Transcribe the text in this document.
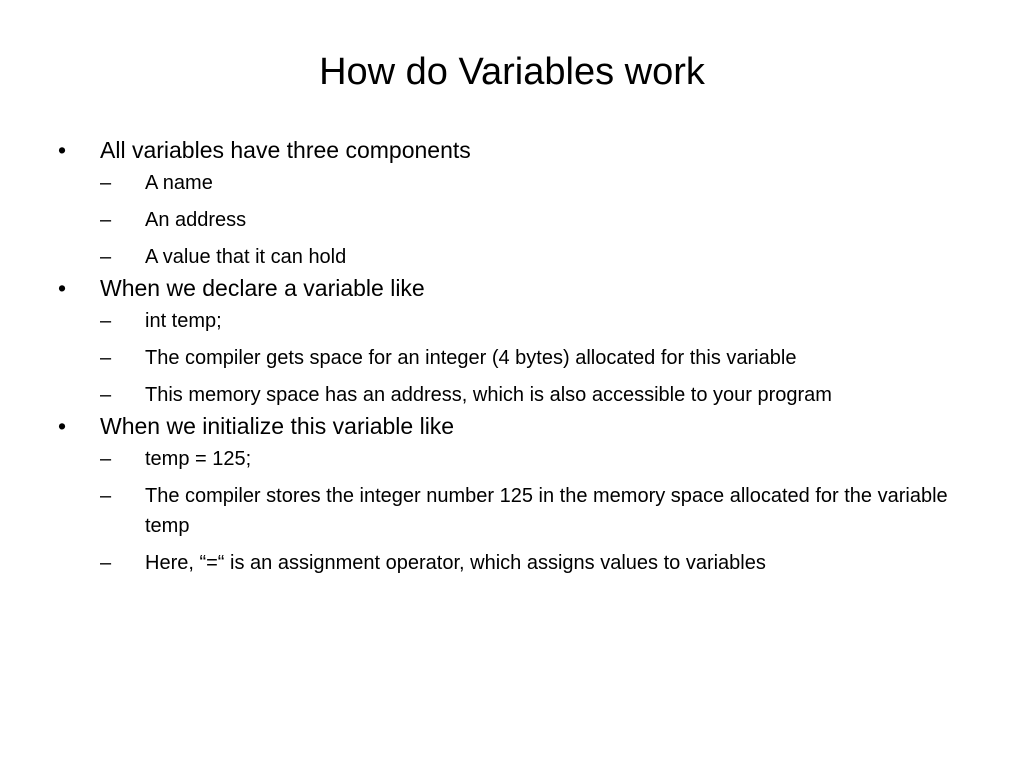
How do Variables work
•	All variables have three components
–	A name
–	An address
–	A value that it can hold
•	When we declare a variable like
–	int temp;
–	The compiler gets space for an integer (4 bytes) allocated for this variable
–	This memory space has an address, which is also accessible to your program
•	When we initialize this variable like
–	temp = 125;
–	The compiler stores the integer number 125 in the memory space allocated for the variable temp
–	Here, “=“ is an assignment operator, which assigns values to variables
